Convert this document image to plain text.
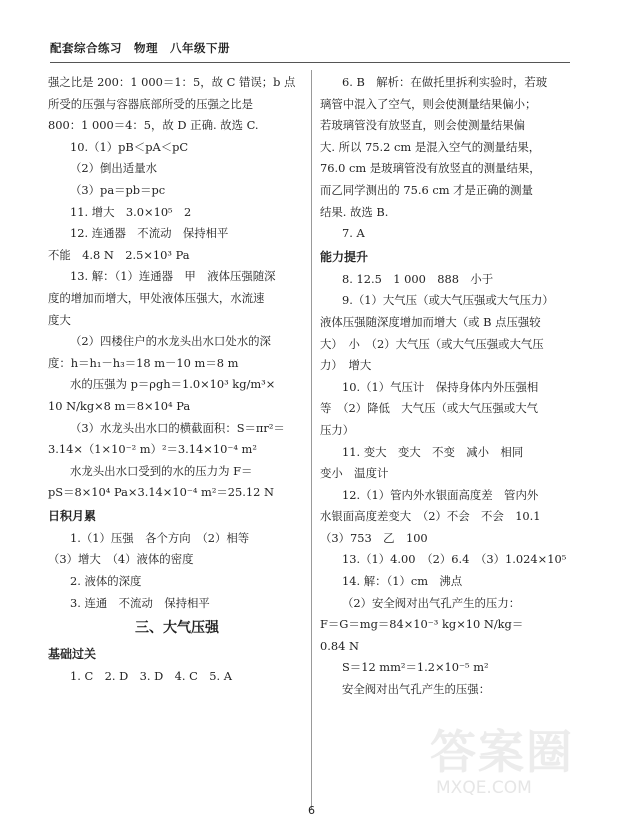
配套综合练习　物理　八年级下册
强之比是 200：1 000＝1：5，故 C 错误；b 点
所受的压强与容器底部所受的压强之比是
800：1 000＝4：5，故 D 正确. 故选 C.
10.（1）pB＜pA＜pC
（2）倒出适量水
（3）pa＝pb＝pc
11. 增大　3.0×10⁵　2
12. 连通器　不流动　保持相平
不能　4.8 N　2.5×10³ Pa
13. 解：（1）连通器　甲　液体压强随深
度的增加而增大，甲处液体压强大，水流速
度大
（2）四楼住户的水龙头出水口处水的深
度：h＝h₁－h₃＝18 m－10 m＝8 m
水的压强为 p＝ρgh＝1.0×10³ kg/m³×
10 N/kg×8 m＝8×10⁴ Pa
（3）水龙头出水口的横截面积：S＝πr²＝
3.14×（1×10⁻² m）²＝3.14×10⁻⁴ m²
水龙头出水口受到的水的压力为 F＝
pS＝8×10⁴ Pa×3.14×10⁻⁴ m²＝25.12 N
日积月累
1.（1）压强　各个方向　（2）相等
（3）增大　（4）液体的密度
2. 液体的深度
3. 连通　不流动　保持相平
三、大气压强
基础过关
1. C　2. D　3. D　4. C　5. A
6. B　解析：在做托里拆利实验时，若玻
璃管中混入了空气，则会使测量结果偏小；
若玻璃管没有放竖直，则会使测量结果偏
大. 所以 75.2 cm 是混入空气的测量结果，
76.0 cm 是玻璃管没有放竖直的测量结果，
而乙同学测出的 75.6 cm 才是正确的测量
结果. 故选 B.
7. A
能力提升
8. 12.5　1 000　888　小于
9.（1）大气压（或大气压强或大气压力）
液体压强随深度增加而增大（或 B 点压强较
大）　小　（2）大气压（或大气压强或大气压
力）　增大
10.（1）气压计　保持身体内外压强相
等　（2）降低　大气压（或大气压强或大气
压力）
11. 变大　变大　不变　减小　相同
变小　温度计
12.（1）管内外水银面高度差　管内外
水银面高度差变大　（2）不会　不会　10.1
（3）753　乙　100
13.（1）4.00　（2）6.4　（3）1.024×10⁵
14. 解：（1）cm　沸点
（2）安全阀对出气孔产生的压力：
F＝G＝mg＝84×10⁻³ kg×10 N/kg＝
0.84 N
S＝12 mm²＝1.2×10⁻⁵ m²
安全阀对出气孔产生的压强：
答案圈
MXQE.COM
6
